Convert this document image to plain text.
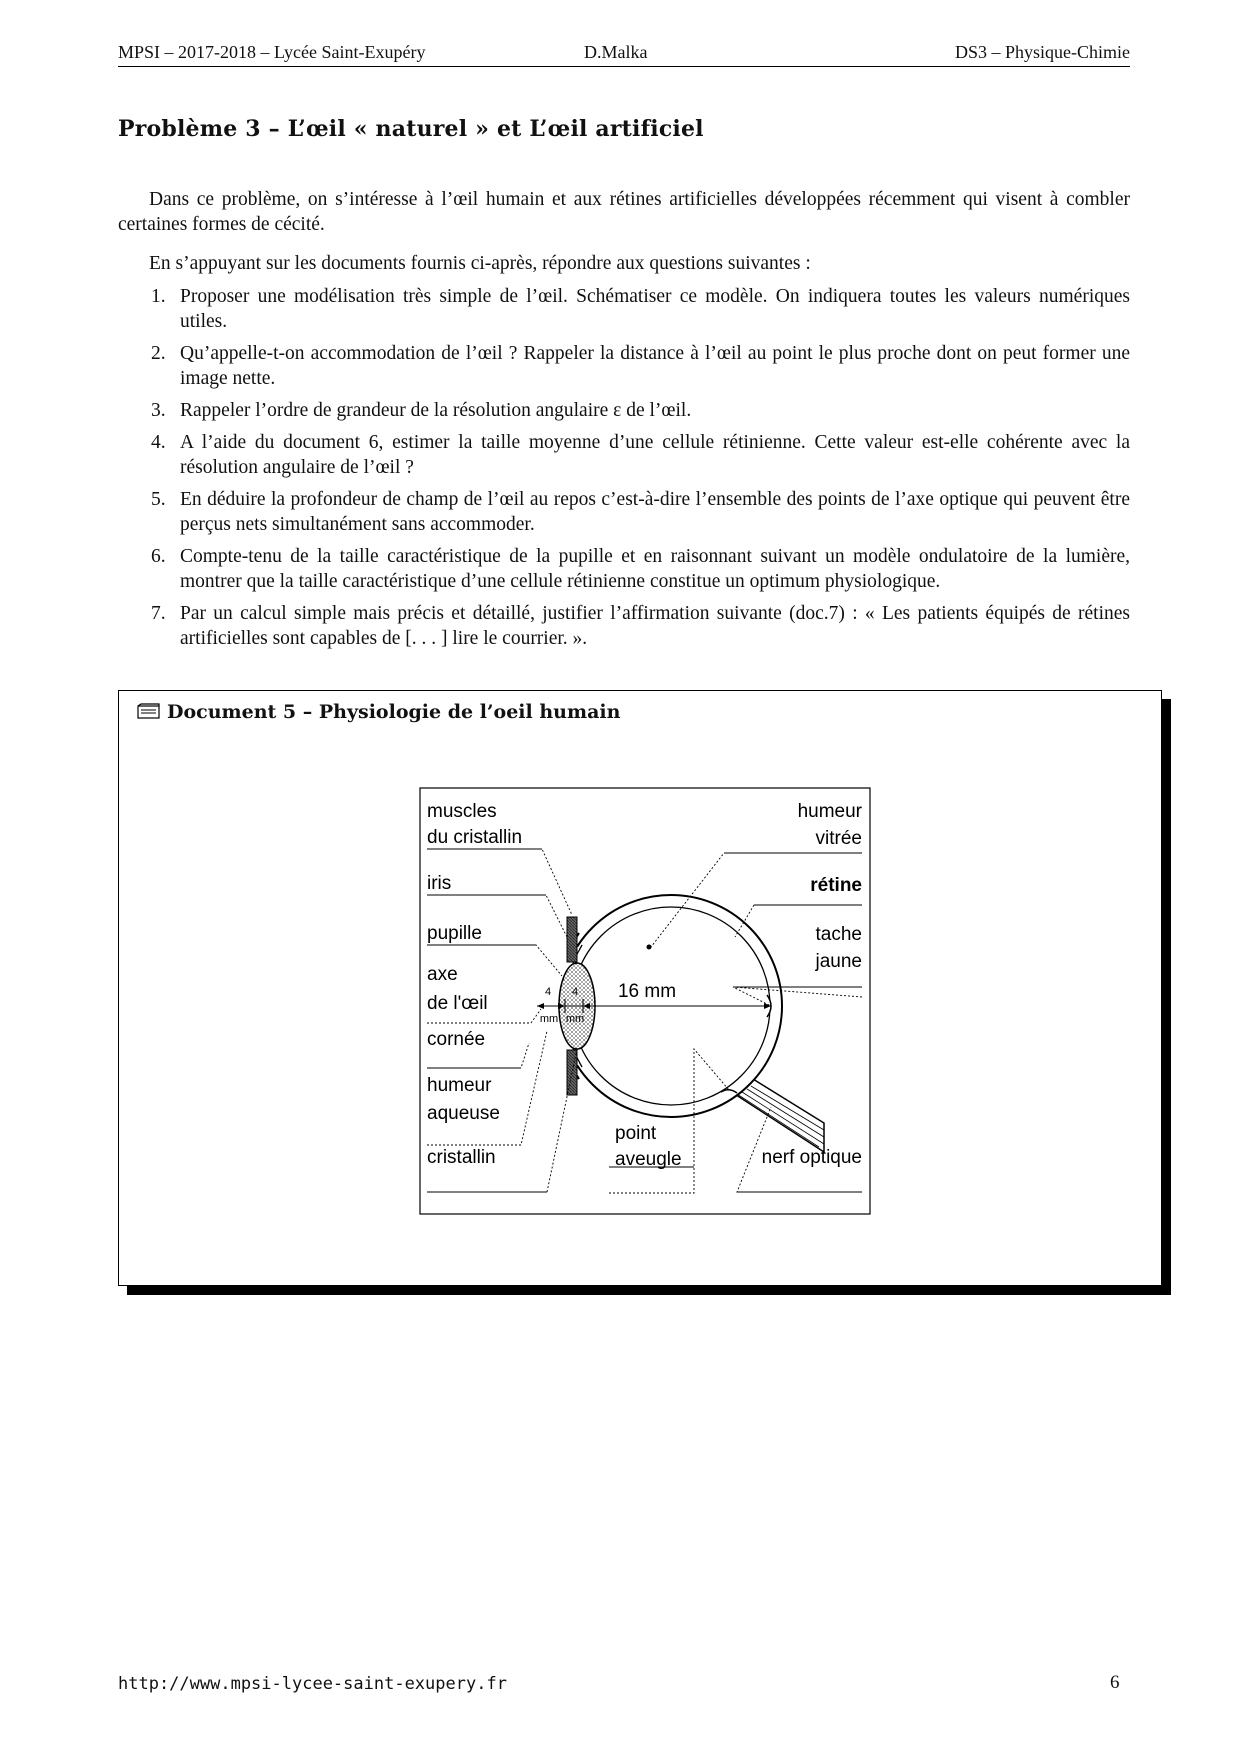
MPSI – 2017-2018 – Lycée Saint-Exupéry	D.Malka	DS3 – Physique-Chimie
Problème 3 – L’œil « naturel » et L’œil artificiel

Dans ce problème, on s’intéresse à l’œil humain et aux rétines artificielles développées récemment qui visent à combler certaines formes de cécité.

En s’appuyant sur les documents fournis ci-après, répondre aux questions suivantes :

1. Proposer une modélisation très simple de l’œil. Schématiser ce modèle. On indiquera toutes les valeurs numériques utiles.
2. Qu’appelle-t-on accommodation de l’œil ? Rappeler la distance à l’œil au point le plus proche dont on peut former une image nette.
3. Rappeler l’ordre de grandeur de la résolution angulaire ε de l’œil.
4. A l’aide du document 6, estimer la taille moyenne d’une cellule rétinienne. Cette valeur est-elle cohérente avec la résolution angulaire de l’œil ?
5. En déduire la profondeur de champ de l’œil au repos c’est-à-dire l’ensemble des points de l’axe optique qui peuvent être perçus nets simultanément sans accommoder.
6. Compte-tenu de la taille caractéristique de la pupille et en raisonnant suivant un modèle ondulatoire de la lumière, montrer que la taille caractéristique d’une cellule rétinienne constitue un optimum physiologique.
7. Par un calcul simple mais précis et détaillé, justifier l’affirmation suivante (doc.7) : « Les patients équipés de rétines artificielles sont capables de [. . . ] lire le courrier. ».
Document 5 – Physiologie de l’oeil humain
4
mm
4
mm
16 mm
muscles
du cristallin
iris
pupille
axe
de l'œil
cornée
humeur
aqueuse
cristallin
humeur
vitrée
rétine
tache
jaune
nerf optique
point
aveugle
http://www.mpsi-lycee-saint-exupery.fr	6
